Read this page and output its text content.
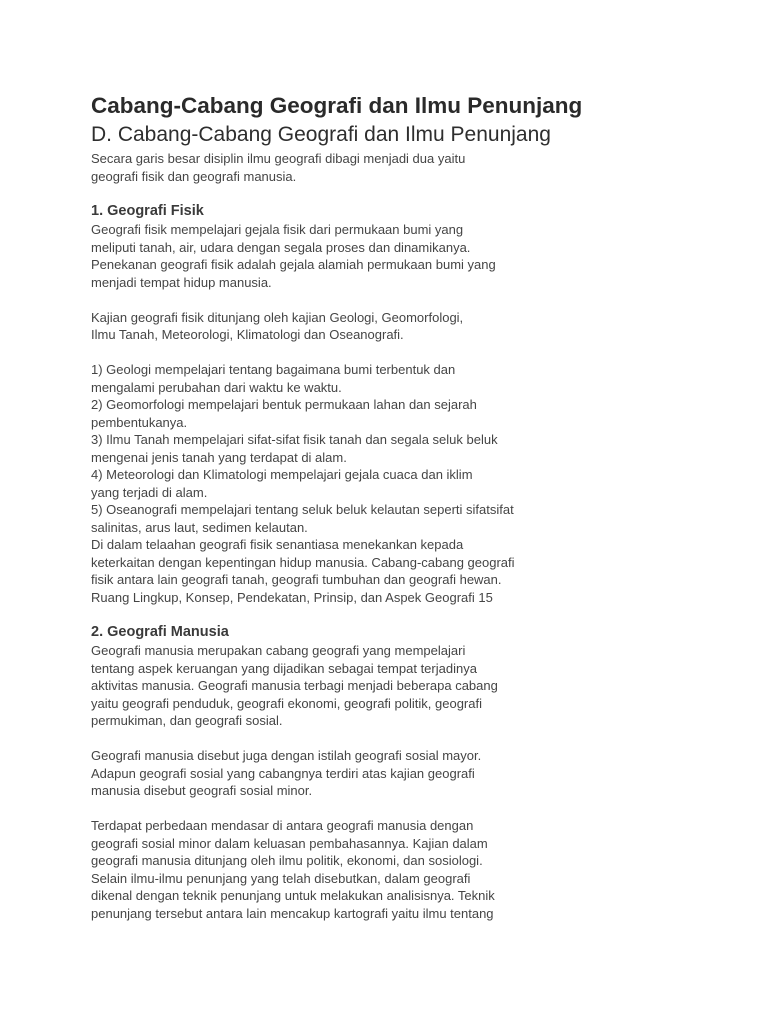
Cabang-Cabang Geografi dan Ilmu Penunjang
D. Cabang-Cabang Geografi dan Ilmu Penunjang

Secara garis besar disiplin ilmu geografi dibagi menjadi dua yaitu
geografi fisik dan geografi manusia.

1. Geografi Fisik

Geografi fisik mempelajari gejala fisik dari permukaan bumi yang
meliputi tanah, air, udara dengan segala proses dan dinamikanya.
Penekanan geografi fisik adalah gejala alamiah permukaan bumi yang
menjadi tempat hidup manusia.

Kajian geografi fisik ditunjang oleh kajian Geologi, Geomorfologi,
Ilmu Tanah, Meteorologi, Klimatologi dan Oseanografi.

1) Geologi mempelajari tentang bagaimana bumi terbentuk dan
mengalami perubahan dari waktu ke waktu.
2) Geomorfologi mempelajari bentuk permukaan lahan dan sejarah
pembentukanya.
3) Ilmu Tanah mempelajari sifat-sifat fisik tanah dan segala seluk beluk
mengenai jenis tanah yang terdapat di alam.
4) Meteorologi dan Klimatologi mempelajari gejala cuaca dan iklim
yang terjadi di alam.
5) Oseanografi mempelajari tentang seluk beluk kelautan seperti sifatsifat
salinitas, arus laut, sedimen kelautan.
Di dalam telaahan geografi fisik senantiasa menekankan kepada
keterkaitan dengan kepentingan hidup manusia. Cabang-cabang geografi
fisik antara lain geografi tanah, geografi tumbuhan dan geografi hewan.
Ruang Lingkup, Konsep, Pendekatan, Prinsip, dan Aspek Geografi 15

2. Geografi Manusia

Geografi manusia merupakan cabang geografi yang mempelajari
tentang aspek keruangan yang dijadikan sebagai tempat terjadinya
aktivitas manusia. Geografi manusia terbagi menjadi beberapa cabang
yaitu geografi penduduk, geografi ekonomi, geografi politik, geografi
permukiman, dan geografi sosial.

Geografi manusia disebut juga dengan istilah geografi sosial mayor.
Adapun geografi sosial yang cabangnya terdiri atas kajian geografi
manusia disebut geografi sosial minor.

Terdapat perbedaan mendasar di antara geografi manusia dengan
geografi sosial minor dalam keluasan pembahasannya. Kajian dalam
geografi manusia ditunjang oleh ilmu politik, ekonomi, dan sosiologi.
Selain ilmu-ilmu penunjang yang telah disebutkan, dalam geografi
dikenal dengan teknik penunjang untuk melakukan analisisnya. Teknik
penunjang tersebut antara lain mencakup kartografi yaitu ilmu tentang
